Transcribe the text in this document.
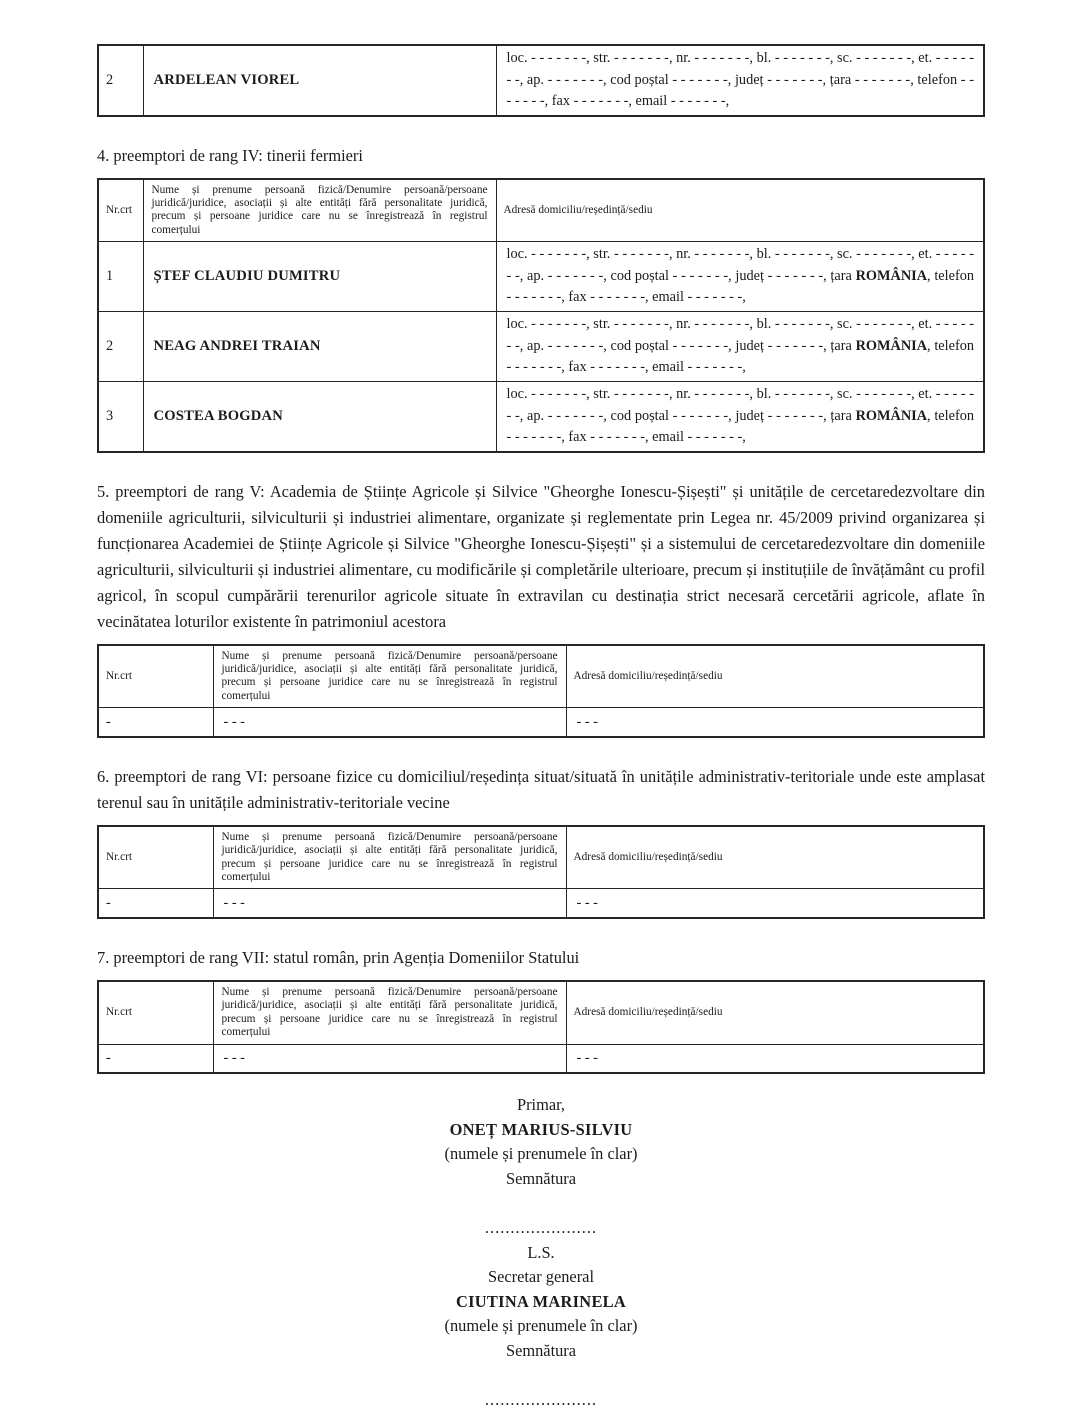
2	ARDELEAN VIOREL	loc. - - - - - - -, str. - - - - - - -, nr. - - - - - - -, bl. - - - - - - -, sc. - - - - - - -, et. - - - - - - -, ap. - - - - - - -, cod poștal - - - - - - -, județ - - - - - - -, țara - - - - - - -, telefon - - - - - - -, fax - - - - - - -, email - - - - - - -,

4. preemptori de rang IV: tinerii fermieri

Nr.crt	Nume și prenume persoană fizică/Denumire persoană/persoane juridică/juridice, asociații și alte entități fără personalitate juridică, precum și persoane juridice care nu se înregistrează în registrul comerțului	Adresă domiciliu/reședință/sediu
1	ȘTEF CLAUDIU DUMITRU	loc. - - - - - - -, str. - - - - - - -, nr. - - - - - - -, bl. - - - - - - -, sc. - - - - - - -, et. - - - - - - -, ap. - - - - - - -, cod poștal - - - - - - -, județ - - - - - - -, țara ROMÂNIA, telefon - - - - - - -, fax - - - - - - -, email - - - - - - -,
2	NEAG ANDREI TRAIAN	loc. - - - - - - -, str. - - - - - - -, nr. - - - - - - -, bl. - - - - - - -, sc. - - - - - - -, et. - - - - - - -, ap. - - - - - - -, cod poștal - - - - - - -, județ - - - - - - -, țara ROMÂNIA, telefon - - - - - - -, fax - - - - - - -, email - - - - - - -,
3	COSTEA BOGDAN	loc. - - - - - - -, str. - - - - - - -, nr. - - - - - - -, bl. - - - - - - -, sc. - - - - - - -, et. - - - - - - -, ap. - - - - - - -, cod poștal - - - - - - -, județ - - - - - - -, țara ROMÂNIA, telefon - - - - - - -, fax - - - - - - -, email - - - - - - -,

5. preemptori de rang V: Academia de Științe Agricole și Silvice "Gheorghe Ionescu-Șișești" și unitățile de cercetaredezvoltare din domeniile agriculturii, silviculturii și industriei alimentare, organizate și reglementate prin Legea nr. 45/2009 privind organizarea și funcționarea Academiei de Științe Agricole și Silvice "Gheorghe Ionescu-Șișești" și a sistemului de cercetaredezvoltare din domeniile agriculturii, silviculturii și industriei alimentare, cu modificările și completările ulterioare, precum și instituțiile de învățământ cu profil agricol, în scopul cumpărării terenurilor agricole situate în extravilan cu destinația strict necesară cercetării agricole, aflate în vecinătatea loturilor existente în patrimoniul acestora

Nr.crt	Nume și prenume persoană fizică/Denumire persoană/persoane juridică/juridice, asociații și alte entități fără personalitate juridică, precum și persoane juridice care nu se înregistrează în registrul comerțului	Adresă domiciliu/reședință/sediu
-	- - -	- - -

6. preemptori de rang VI: persoane fizice cu domiciliul/reședința situat/situată în unitățile administrativ-teritoriale unde este amplasat terenul sau în unitățile administrativ-teritoriale vecine

Nr.crt	Nume și prenume persoană fizică/Denumire persoană/persoane juridică/juridice, asociații și alte entități fără personalitate juridică, precum și persoane juridice care nu se înregistrează în registrul comerțului	Adresă domiciliu/reședință/sediu
-	- - -	- - -

7. preemptori de rang VII: statul român, prin Agenția Domeniilor Statului

Nr.crt	Nume și prenume persoană fizică/Denumire persoană/persoane juridică/juridice, asociații și alte entități fără personalitate juridică, precum și persoane juridice care nu se înregistrează în registrul comerțului	Adresă domiciliu/reședință/sediu
-	- - -	- - -

Primar,

ONEȚ MARIUS-SILVIU

(numele și prenumele în clar)

Semnătura

......................

L.S.

Secretar general

CIUTINA MARINELA

(numele și prenumele în clar)

Semnătura

......................
